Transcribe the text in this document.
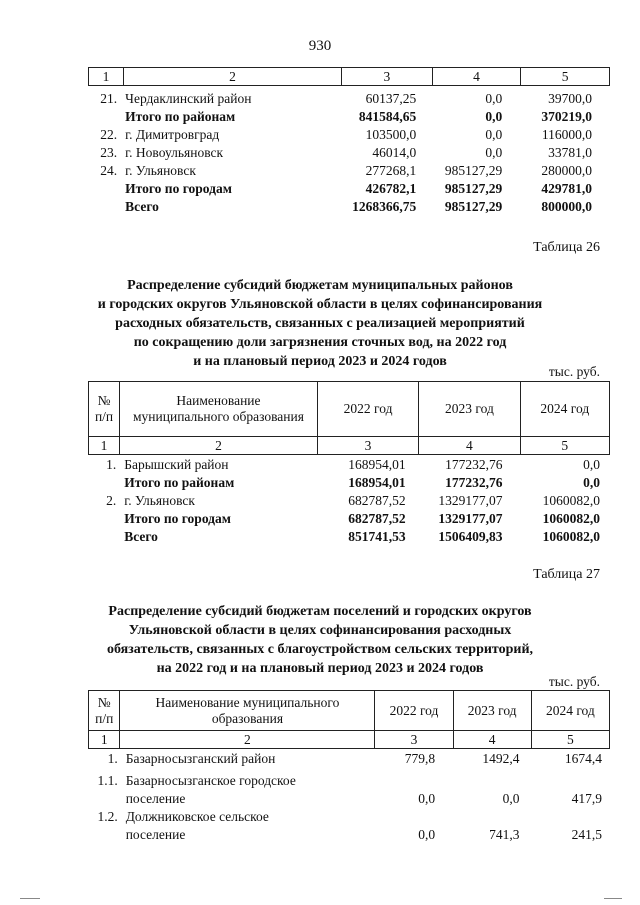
930
1	2	3	4	5
21.	Чердаклинский район	60137,25	0,0	39700,0
	Итого по районам	841584,65	0,0	370219,0
22.	г. Димитровград	103500,0	0,0	116000,0
23.	г. Новоульяновск	46014,0	0,0	33781,0
24.	г. Ульяновск	277268,1	985127,29	280000,0
	Итого по городам	426782,1	985127,29	429781,0
	Всего	1268366,75	985127,29	800000,0
Таблица 26
Распределение субсидий бюджетам муниципальных районов
и городских округов Ульяновской области в целях софинансирования
расходных обязательств, связанных с реализацией мероприятий
по сокращению доли загрязнения сточных вод, на 2022 год
и на плановый период 2023 и 2024 годов
тыс. руб.
№ п/п	Наименование муниципального образования	2022 год	2023 год	2024 год
1	2	3	4	5
1.	Барышский район	168954,01	177232,76	0,0
	Итого по районам	168954,01	177232,76	0,0
2.	г. Ульяновск	682787,52	1329177,07	1060082,0
	Итого по городам	682787,52	1329177,07	1060082,0
	Всего	851741,53	1506409,83	1060082,0
Таблица 27
Распределение субсидий бюджетам поселений и городских округов
Ульяновской области в целях софинансирования расходных
обязательств, связанных с благоустройством сельских территорий,
на 2022 год и на плановый период 2023 и 2024 годов
тыс. руб.
№ п/п	Наименование муниципального образования	2022 год	2023 год	2024 год
1	2	3	4	5
1.	Базарносызганский район	779,8	1492,4	1674,4
1.1.	Базарносызганское городское поселение	0,0	0,0	417,9
1.2.	Должниковское сельское поселение	0,0	741,3	241,5
